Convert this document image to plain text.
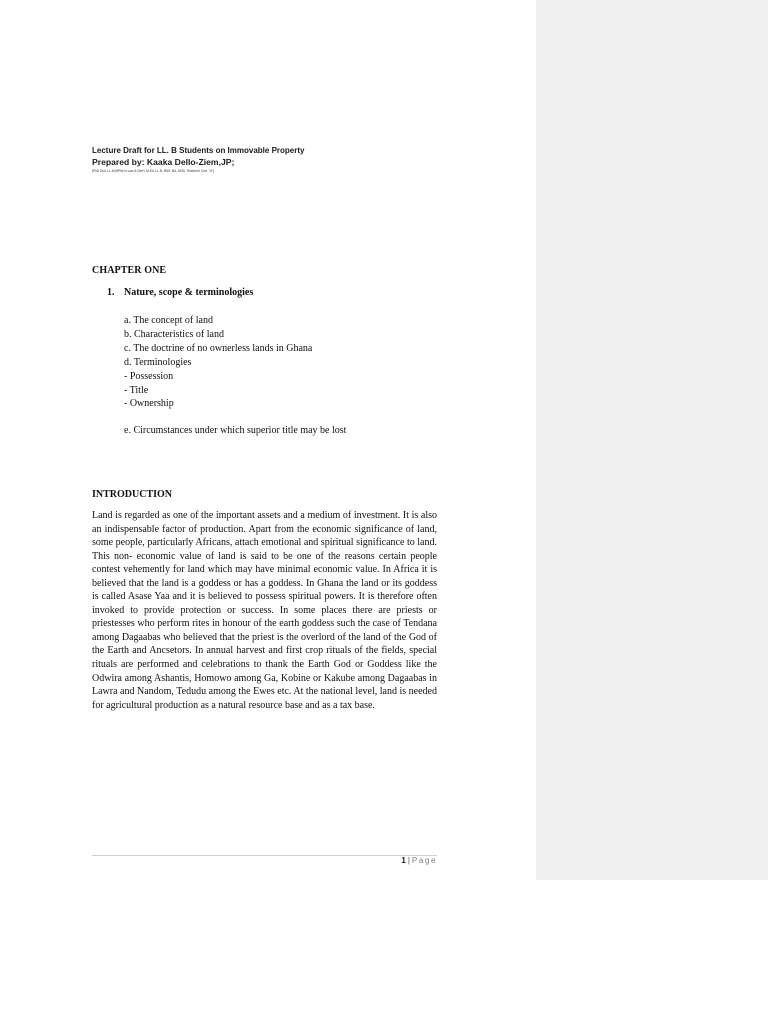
Lecture Draft for LL. B Students on Immovable Property
Prepared by: Kaaka Dello-Ziem,JP;
[PhD Dsd, LL.M,MPhil in Law & Dev't, M.Ed, LL.B, BSS, BA, HND, Teachers' Cert. "A"]
CHAPTER ONE
1. Nature, scope & terminologies
a. The concept of land
b. Characteristics of land
c. The doctrine of no ownerless lands in Ghana
d. Terminologies
- Possession
- Title
- Ownership
e. Circumstances under which superior title may be lost
INTRODUCTION
Land is regarded as one of the important assets and a medium of investment. It is also an indispensable factor of production. Apart from the economic significance of land, some people, particularly Africans, attach emotional and spiritual significance to land. This non- economic value of land is said to be one of the reasons certain people contest vehemently for land which may have minimal economic value. In Africa it is believed that the land is a goddess or has a goddess. In Ghana the land or its goddess is called Asase Yaa and it is believed to possess spiritual powers. It is therefore often invoked to provide protection or success. In some places there are priests or priestesses who perform rites in honour of the earth goddess such the case of Tendana among Dagaabas who believed that the priest is the overlord of the land of the God of the Earth and Ancsetors. In annual harvest and first crop rituals of the fields, special rituals are performed and celebrations to thank the Earth God or Goddess like the Odwira among Ashantis, Homowo among Ga, Kobine or Kakube among Dagaabas in Lawra and Nandom, Tedudu among the Ewes etc. At the national level, land is needed for agricultural production as a natural resource base and as a tax base.
1 | Page
